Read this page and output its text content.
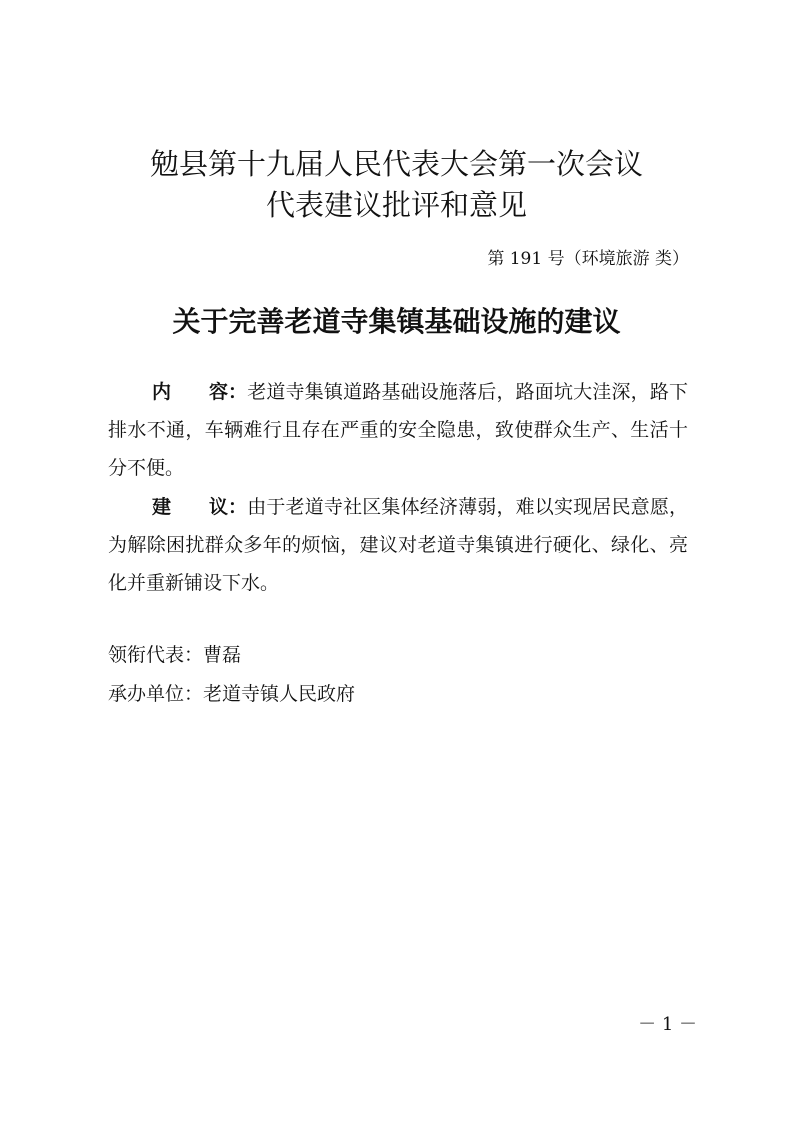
勉县第十九届人民代表大会第一次会议
代表建议批评和意见
第 191 号（环境旅游 类）
关于完善老道寺集镇基础设施的建议
内 容：老道寺集镇道路基础设施落后，路面坑大洼深，路下排水不通，车辆难行且存在严重的安全隐患，致使群众生产、生活十分不便。
建 议：由于老道寺社区集体经济薄弱，难以实现居民意愿，为解除困扰群众多年的烦恼，建议对老道寺集镇进行硬化、绿化、亮化并重新铺设下水。
领衔代表：曹磊
承办单位：老道寺镇人民政府
－ 1 －
